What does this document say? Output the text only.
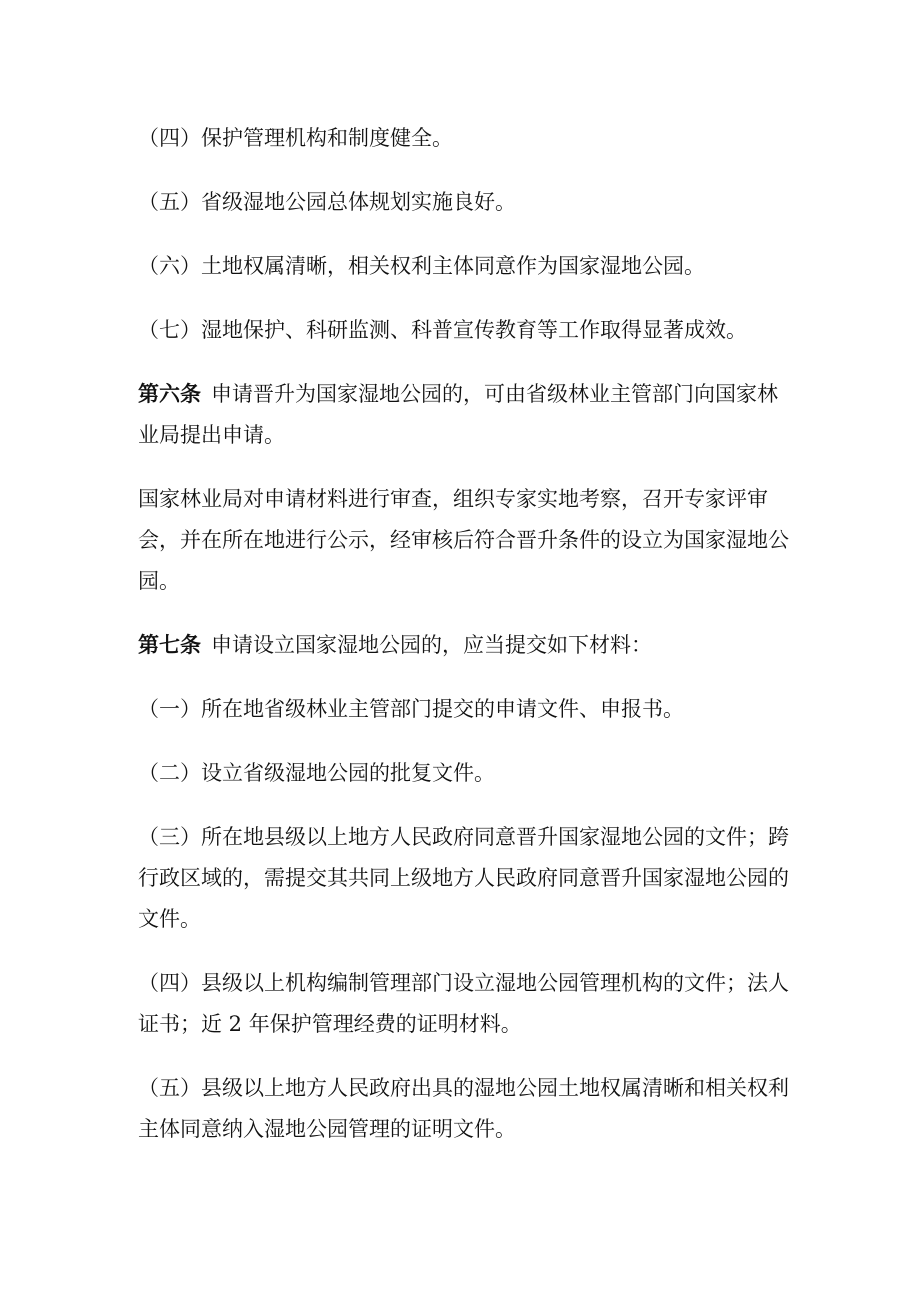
（四）保护管理机构和制度健全。

（五）省级湿地公园总体规划实施良好。

（六）土地权属清晰，相关权利主体同意作为国家湿地公园。

（七）湿地保护、科研监测、科普宣传教育等工作取得显著成效。

第六条 申请晋升为国家湿地公园的，可由省级林业主管部门向国家林业局提出申请。

国家林业局对申请材料进行审查，组织专家实地考察，召开专家评审会，并在所在地进行公示，经审核后符合晋升条件的设立为国家湿地公园。

第七条 申请设立国家湿地公园的，应当提交如下材料：

（一）所在地省级林业主管部门提交的申请文件、申报书。

（二）设立省级湿地公园的批复文件。

（三）所在地县级以上地方人民政府同意晋升国家湿地公园的文件；跨行政区域的，需提交其共同上级地方人民政府同意晋升国家湿地公园的文件。

（四）县级以上机构编制管理部门设立湿地公园管理机构的文件；法人证书；近 2 年保护管理经费的证明材料。

（五）县级以上地方人民政府出具的湿地公园土地权属清晰和相关权利主体同意纳入湿地公园管理的证明文件。
